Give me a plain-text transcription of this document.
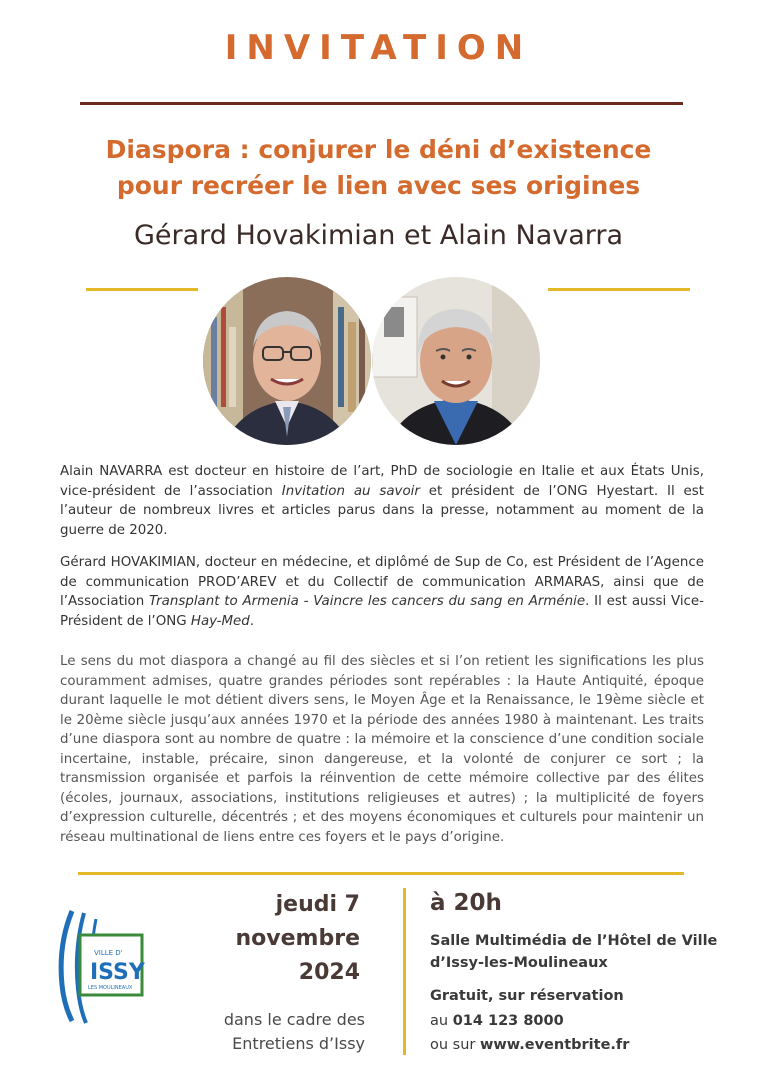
INVITATION
Diaspora : conjurer le déni d’existence
pour recréer le lien avec ses origines
Gérard Hovakimian et Alain Navarra
Alain NAVARRA est docteur en histoire de l’art, PhD de sociologie en Italie et aux États Unis, vice-président de l’association Invitation au savoir et président de l’ONG Hyestart. Il est l’auteur de nombreux livres et articles parus dans la presse, notamment au moment de la guerre de 2020.
Gérard HOVAKIMIAN, docteur en médecine, et diplômé de Sup de Co, est Président de l’Agence de communication PROD’AREV et du Collectif de communication ARMARAS, ainsi que de l’Association Transplant to Armenia - Vaincre les cancers du sang en Arménie. Il est aussi Vice-Président de l’ONG Hay-Med.
Le sens du mot diaspora a changé au fil des siècles et si l’on retient les significations les plus couramment admises, quatre grandes périodes sont repérables : la Haute Antiquité, époque durant laquelle le mot détient divers sens, le Moyen Âge et la Renaissance, le 19ème siècle et le 20ème siècle jusqu’aux années 1970 et la période des années 1980 à maintenant. Les traits d’une diaspora sont au nombre de quatre : la mémoire et la conscience d’une condition sociale incertaine, instable, précaire, sinon dangereuse, et la volonté de conjurer ce sort ; la transmission organisée et parfois la réinvention de cette mémoire collective par des élites (écoles, journaux, associations, institutions religieuses et autres) ; la multiplicité de foyers d’expression culturelle, décentrés ; et des moyens économiques et culturels pour maintenir un réseau multinational de liens entre ces foyers et le pays d’origine.
VILLE D'
ISSY
LES MOULINEAUX
jeudi 7
novembre
2024
dans le cadre des
Entretiens d’Issy
à 20h
Salle Multimédia de l’Hôtel de Ville
d’Issy-les-Moulineaux
Gratuit, sur réservation
au 014 123 8000
ou sur www.eventbrite.fr
